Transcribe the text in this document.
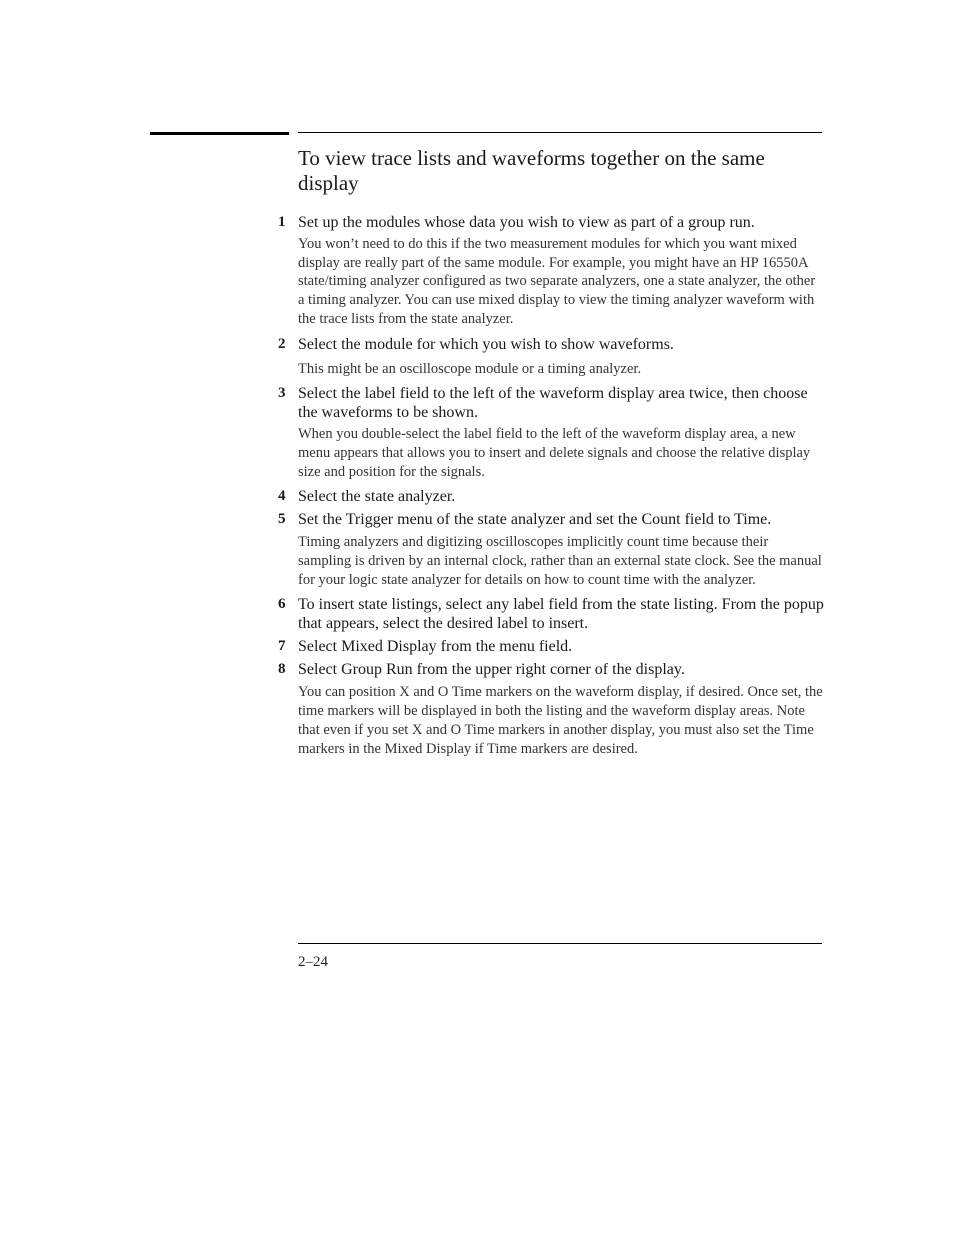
To view trace lists and waveforms together on the same display
1 Set up the modules whose data you wish to view as part of a group run.
You won’t need to do this if the two measurement modules for which you want mixed display are really part of the same module. For example, you might have an HP 16550A state/timing analyzer configured as two separate analyzers, one a state analyzer, the other a timing analyzer. You can use mixed display to view the timing analyzer waveform with the trace lists from the state analyzer.
2 Select the module for which you wish to show waveforms.
This might be an oscilloscope module or a timing analyzer.
3 Select the label field to the left of the waveform display area twice, then choose the waveforms to be shown.
When you double-select the label field to the left of the waveform display area, a new menu appears that allows you to insert and delete signals and choose the relative display size and position for the signals.
4 Select the state analyzer.
5 Set the Trigger menu of the state analyzer and set the Count field to Time.
Timing analyzers and digitizing oscilloscopes implicitly count time because their sampling is driven by an internal clock, rather than an external state clock. See the manual for your logic state analyzer for details on how to count time with the analyzer.
6 To insert state listings, select any label field from the state listing. From the popup that appears, select the desired label to insert.
7 Select Mixed Display from the menu field.
8 Select Group Run from the upper right corner of the display.
You can position X and O Time markers on the waveform display, if desired. Once set, the time markers will be displayed in both the listing and the waveform display areas. Note that even if you set X and O Time markers in another display, you must also set the Time markers in the Mixed Display if Time markers are desired.
2–24
